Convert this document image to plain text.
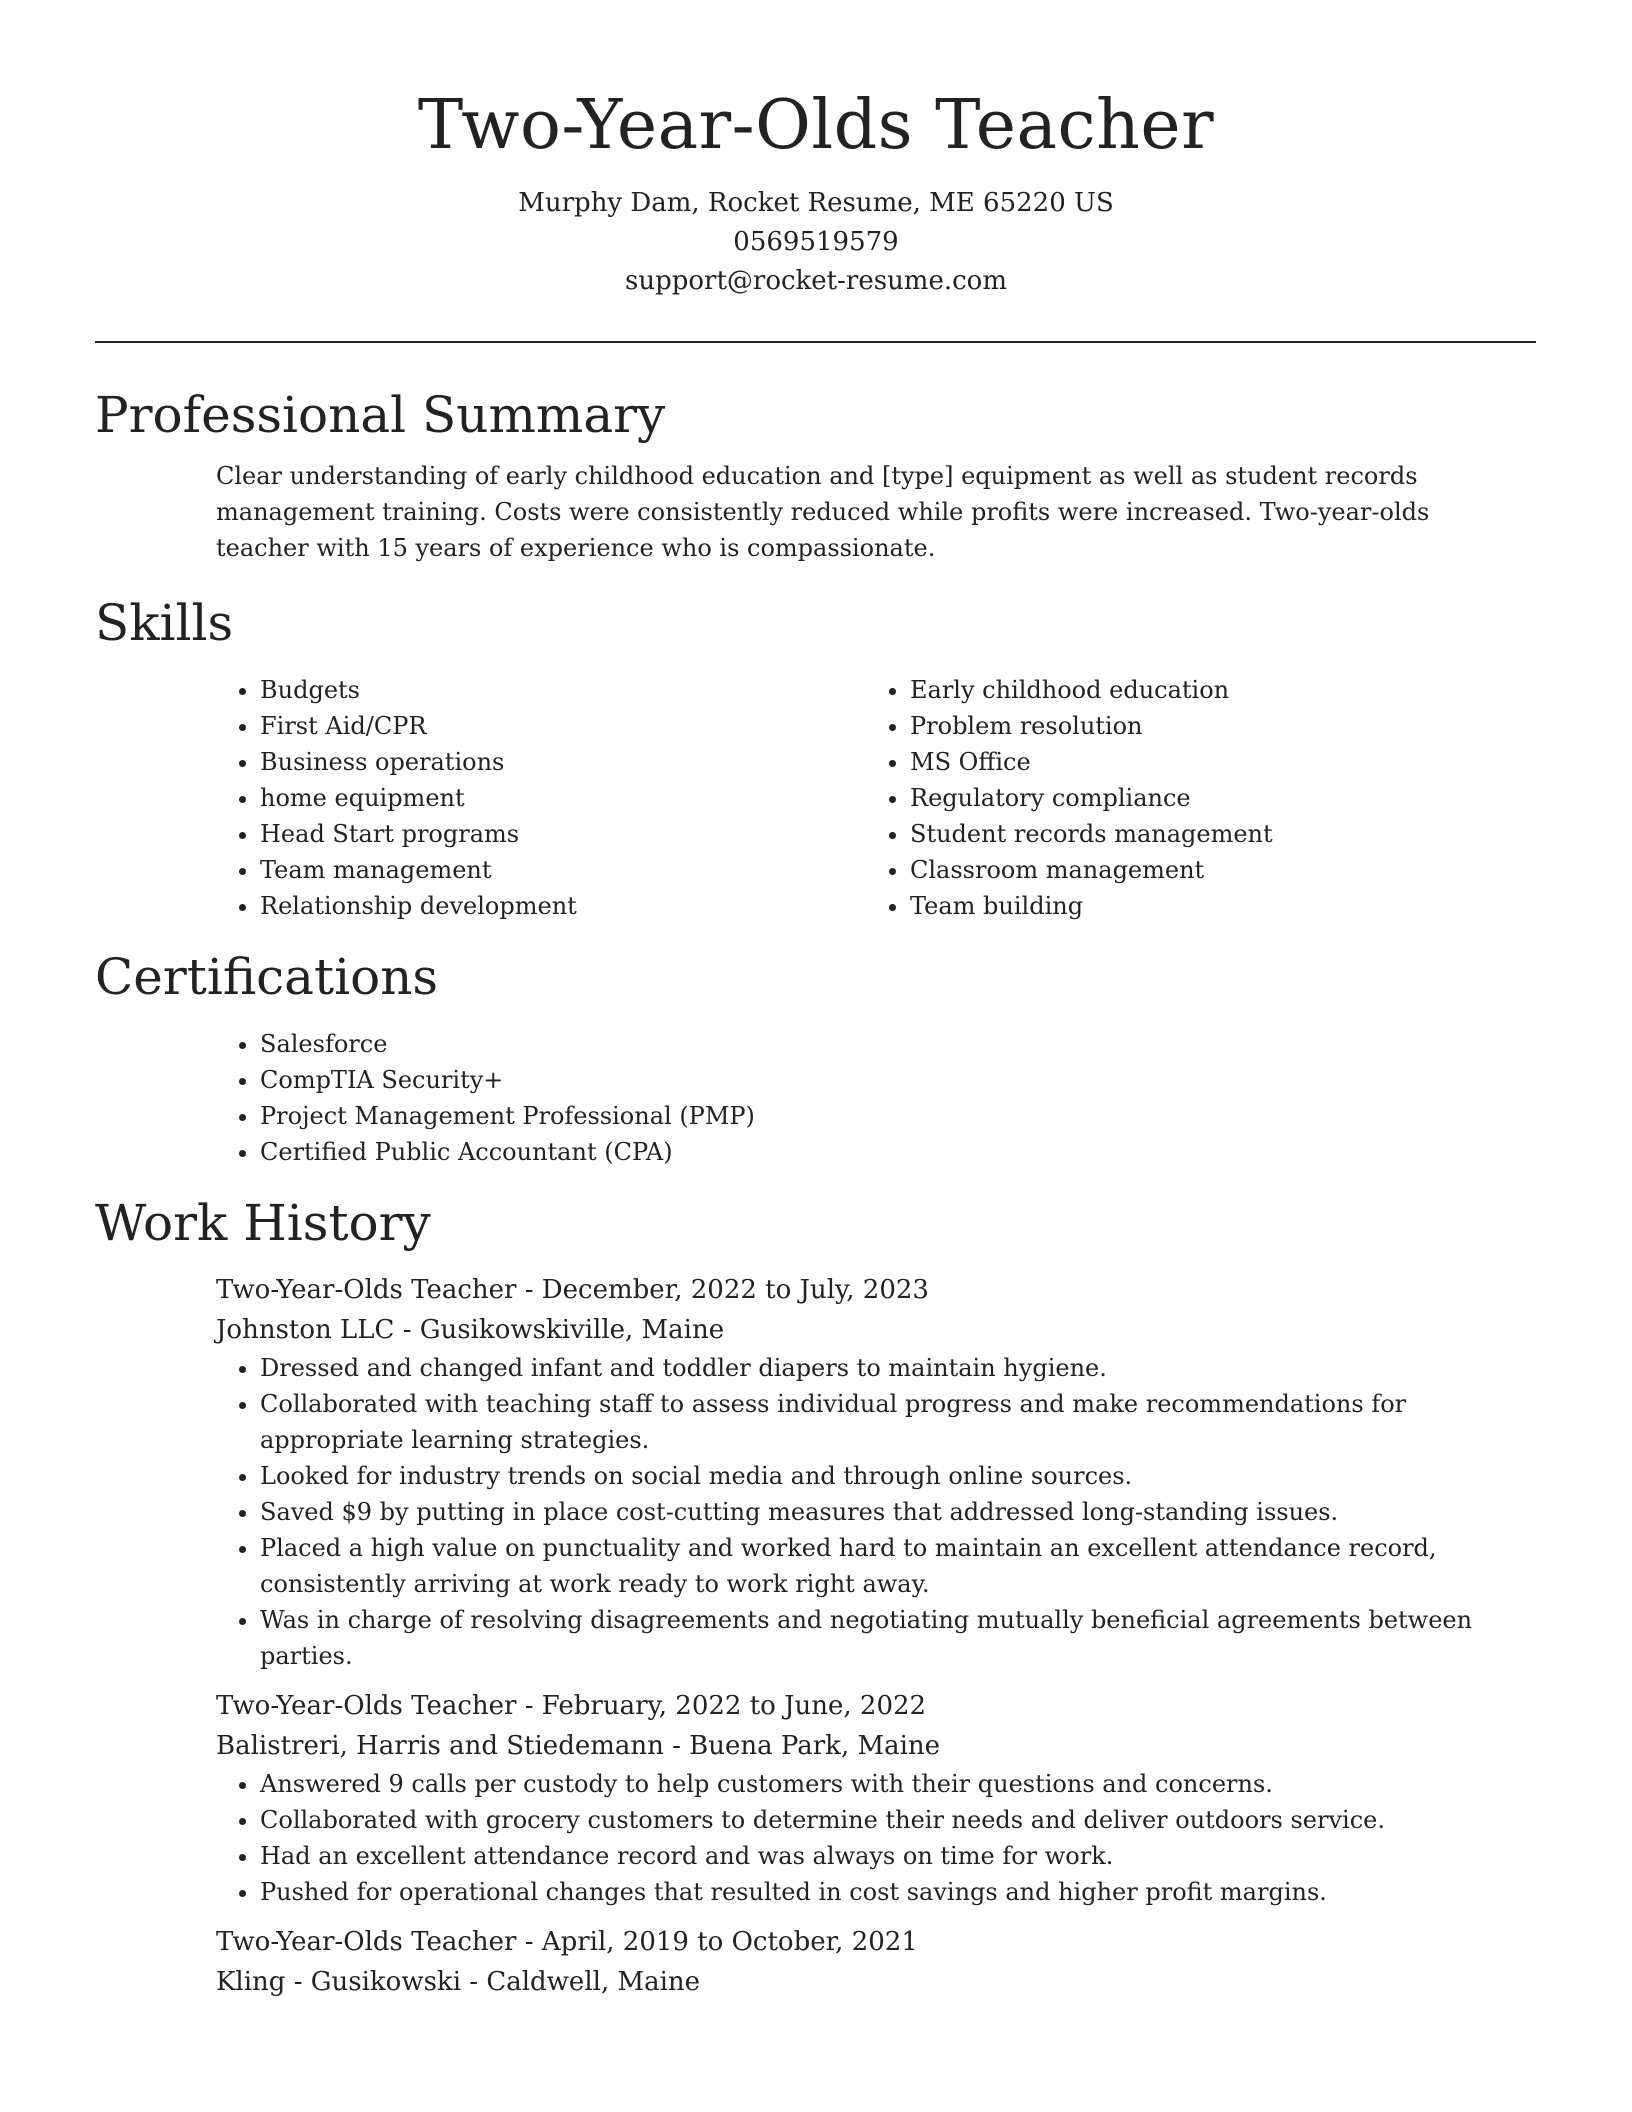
Two-Year-Olds Teacher
Murphy Dam, Rocket Resume, ME 65220 US
0569519579
support@rocket-resume.com
Professional Summary

Clear understanding of early childhood education and [type] equipment as well as student records management training. Costs were consistently reduced while profits were increased. Two-year-olds teacher with 15 years of experience who is compassionate.

Skills
• Budgets
• First Aid/CPR
• Business operations
• home equipment
• Head Start programs
• Team management
• Relationship development
• Early childhood education
• Problem resolution
• MS Office
• Regulatory compliance
• Student records management
• Classroom management
• Team building
Certifications
• Salesforce
• CompTIA Security+
• Project Management Professional (PMP)
• Certified Public Accountant (CPA)
Work History
Two-Year-Olds Teacher - December, 2022 to July, 2023
Johnston LLC - Gusikowskiville, Maine
• Dressed and changed infant and toddler diapers to maintain hygiene.
• Collaborated with teaching staff to assess individual progress and make recommendations for appropriate learning strategies.
• Looked for industry trends on social media and through online sources.
• Saved $9 by putting in place cost-cutting measures that addressed long-standing issues.
• Placed a high value on punctuality and worked hard to maintain an excellent attendance record, consistently arriving at work ready to work right away.
• Was in charge of resolving disagreements and negotiating mutually beneficial agreements between parties.
Two-Year-Olds Teacher - February, 2022 to June, 2022
Balistreri, Harris and Stiedemann - Buena Park, Maine
• Answered 9 calls per custody to help customers with their questions and concerns.
• Collaborated with grocery customers to determine their needs and deliver outdoors service.
• Had an excellent attendance record and was always on time for work.
• Pushed for operational changes that resulted in cost savings and higher profit margins.
Two-Year-Olds Teacher - April, 2019 to October, 2021
Kling - Gusikowski - Caldwell, Maine
